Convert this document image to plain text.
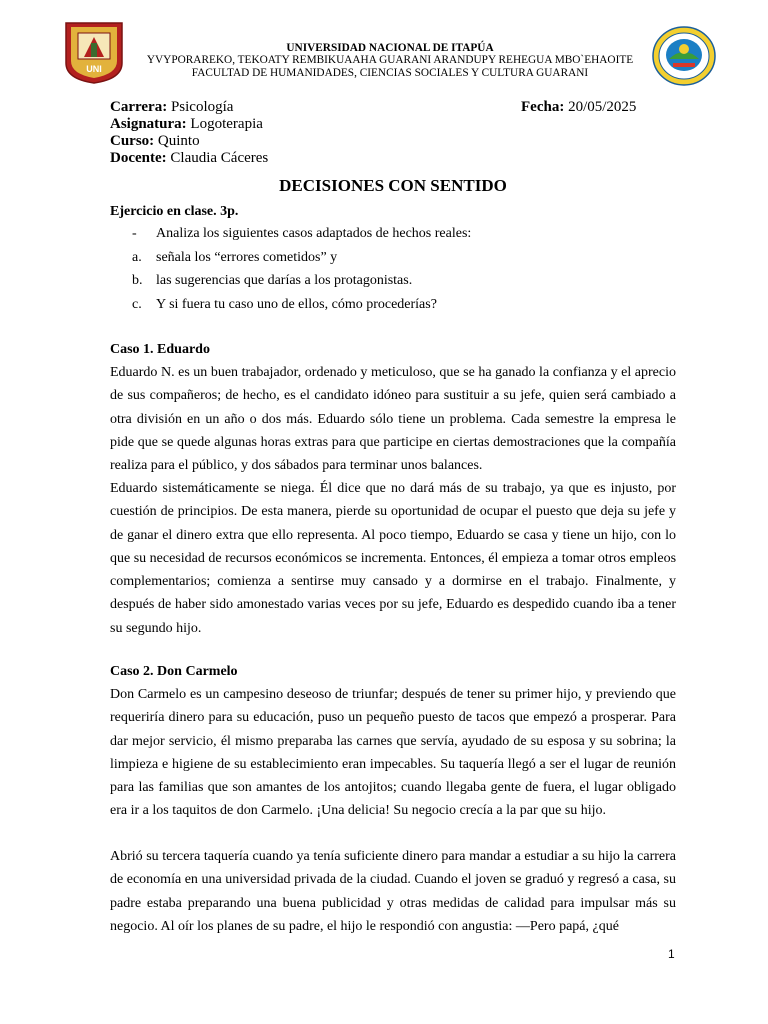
UNI
UNIVERSIDAD NACIONAL DE ITAPÚA
YVYPORAREKO, TEKOATY REMBIKUAAHA GUARANI ARANDUPY REHEGUA MBO`EHAOITE
FACULTAD DE HUMANIDADES, CIENCIAS SOCIALES Y CULTURA GUARANI
Carrera: Psicología
Asignatura: Logoterapia
Curso: Quinto
Docente: Claudia Cáceres
Fecha: 20/05/2025
DECISIONES CON SENTIDO
Ejercicio en clase. 3p.
- Analiza los siguientes casos adaptados de hechos reales:
a. señala los “errores cometidos” y
b. las sugerencias que darías a los protagonistas.
c. Y si fuera tu caso uno de ellos, cómo procederías?
Caso 1. Eduardo
Eduardo N. es un buen trabajador, ordenado y meticuloso, que se ha ganado la confianza y el aprecio de sus compañeros; de hecho, es el candidato idóneo para sustituir a su jefe, quien será cambiado a otra división en un año o dos más. Eduardo sólo tiene un problema. Cada semestre la empresa le pide que se quede algunas horas extras para que participe en ciertas demostraciones que la compañía realiza para el público, y dos sábados para terminar unos balances.
Eduardo sistemáticamente se niega. Él dice que no dará más de su trabajo, ya que es injusto, por cuestión de principios. De esta manera, pierde su oportunidad de ocupar el puesto que deja su jefe y de ganar el dinero extra que ello representa. Al poco tiempo, Eduardo se casa y tiene un hijo, con lo que su necesidad de recursos económicos se incrementa. Entonces, él empieza a tomar otros empleos complementarios; comienza a sentirse muy cansado y a dormirse en el trabajo. Finalmente, y después de haber sido amonestado varias veces por su jefe, Eduardo es despedido cuando iba a tener su segundo hijo.
Caso 2. Don Carmelo
Don Carmelo es un campesino deseoso de triunfar; después de tener su primer hijo, y previendo que requeriría dinero para su educación, puso un pequeño puesto de tacos que empezó a prosperar. Para dar mejor servicio, él mismo preparaba las carnes que servía, ayudado de su esposa y su sobrina; la limpieza e higiene de su establecimiento eran impecables. Su taquería llegó a ser el lugar de reunión para las familias que son amantes de los antojitos; cuando llegaba gente de fuera, el lugar obligado era ir a los taquitos de don Carmelo. ¡Una delicia! Su negocio crecía a la par que su hijo.
Abrió su tercera taquería cuando ya tenía suficiente dinero para mandar a estudiar a su hijo la carrera de economía en una universidad privada de la ciudad. Cuando el joven se graduó y regresó a casa, su padre estaba preparando una buena publicidad y otras medidas de calidad para impulsar más su negocio. Al oír los planes de su padre, el hijo le respondió con angustia: —Pero papá, ¿qué
1
